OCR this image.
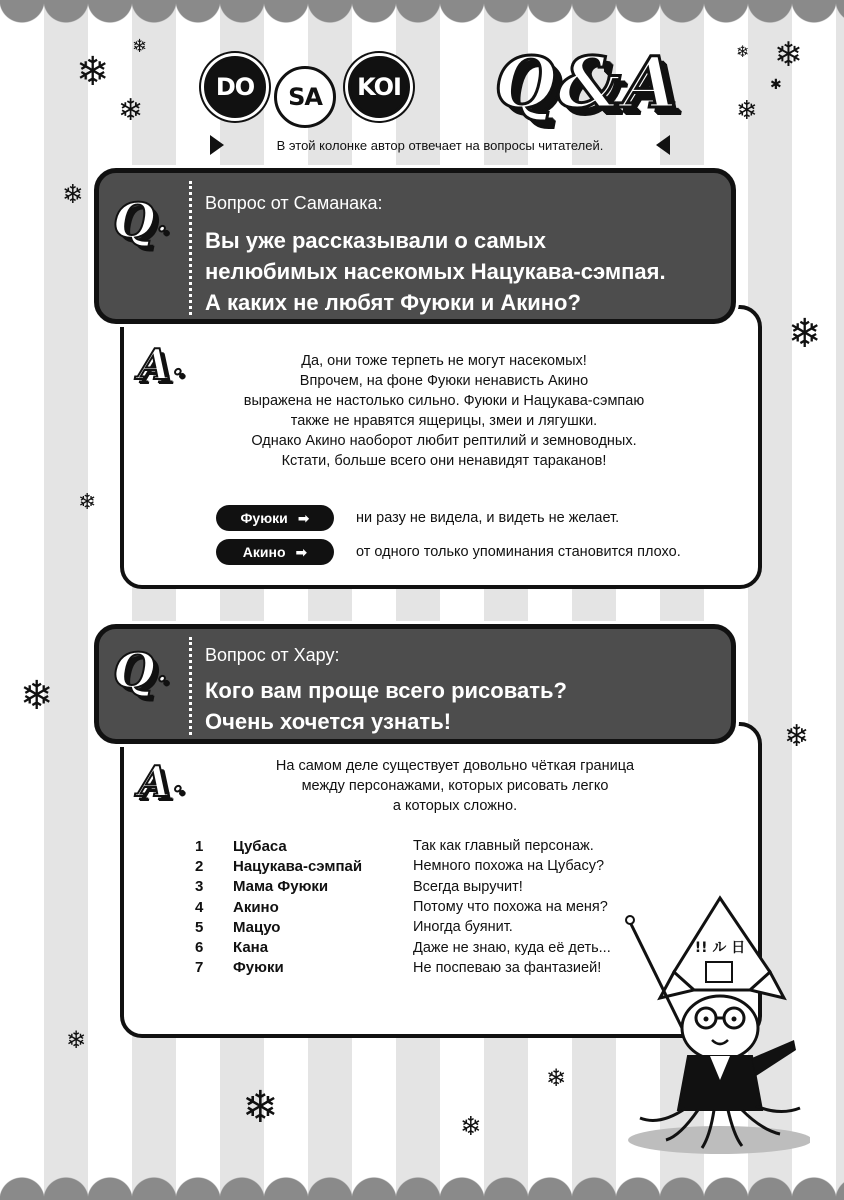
❄
❄
❄
❄ ❄
✱
❄
❄
❄
❄
❄
❄
❄
❄
❄
❄
DO	SA	KOI	Q&A
В этой колонке автор отвечает на вопросы читателей.
A .	Да, они тоже терпеть не могут насекомых!
Впрочем, на фоне Фуюки ненависть Акино
выражена не настолько сильно. Фуюки и Нацукава-сэмпаю
также не нравятся ящерицы, змеи и лягушки.
Однако Акино наоборот любит рептилий и земноводных.
Кстати, больше всего они ненавидят тараканов!
Фуюки ➡	ни разу не видела, и видеть не желает.
Акино ➡	от одного только упоминания становится плохо.
Q .
Вопрос от Саманака:
Вы уже рассказывали о самых
нелюбимых насекомых Нацукава-сэмпая.
А каких не любят Фуюки и Акино?
A .	На самом деле существует довольно чёткая граница
между персонажами, которых рисовать легко
а которых сложно.
Q . Вопрос от Хару:
Кого вам проще всего рисовать?
Очень хочется узнать!
1	Цубаса	Так как главный персонаж.
2	Нацукава-сэмпай	Немного похожа на Цубасу?
3	Мама Фуюки	Всегда выручит!
4	Акино	Потому что похожа на меня?
5	Мацуо	Иногда буянит.
6	Кана	Даже не знаю, куда её деть...
7	Фуюки	Не поспеваю за фантазией!
!! ル 日
